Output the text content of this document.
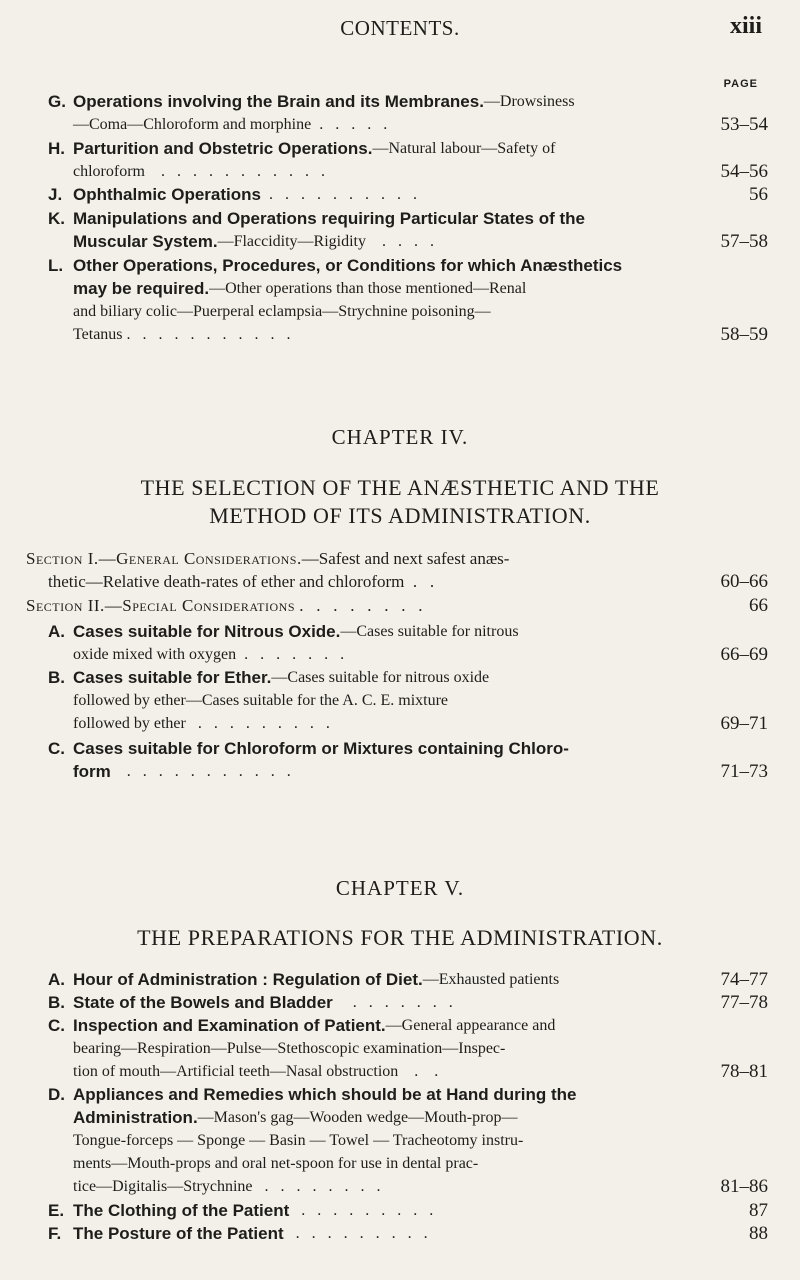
CONTENTS.	xiii
PAGE
G. Operations involving the Brain and its Membranes. —Drowsiness
—Coma—Chloroform and morphine .   .   .   .   .	53–54
H. Parturition and Obstetric Operations. —Natural labour—Safety of
chloroform .   .   .   .   .   .   .   .   .   .   .	54–56
J. Ophthalmic Operations .   .   .   .   .   .   .   .   .   .	56
K. Manipulations and Operations requiring Particular States of the
Muscular System. —Flaccidity—Rigidity .   .   .   .	57–58
L. Other Operations, Procedures, or Conditions for which Anæsthetics
may be required. —Other operations than those mentioned—Renal
and biliary colic—Puerperal eclampsia—Strychnine poisoning—
Tetanus .   .   .   .   .   .   .   .   .   .   .	58–59
CHAPTER IV.
THE SELECTION OF THE ANÆSTHETIC AND THE
METHOD OF ITS ADMINISTRATION.
Section I. —General Considerations. —Safest and next safest anæs-
thetic—Relative death-rates of ether and chloroform .   .	60–66
Section II. —Special Considerations .   .   .   .   .   .   .   .	66
A. Cases suitable for Nitrous Oxide. —Cases suitable for nitrous
oxide mixed with oxygen .   .   .   .   .   .   .	66–69
B. Cases suitable for Ether. —Cases suitable for nitrous oxide
followed by ether—Cases suitable for the A. C. E. mixture
followed by ether .   .   .   .   .   .   .   .   .	69–71
C. Cases suitable for Chloroform or Mixtures containing Chloro-
form .   .   .   .   .   .   .   .   .   .   .	71–73
CHAPTER V.
THE PREPARATIONS FOR THE ADMINISTRATION.
A. Hour of Administration : Regulation of Diet. —Exhausted patients	74–77
B. State of the Bowels and Bladder .   .   .   .   .   .   .	77–78
C. Inspection and Examination of Patient. —General appearance and
bearing—Respiration—Pulse—Stethoscopic examination—Inspec-
tion of mouth—Artificial teeth—Nasal obstruction .    .	78–81
D. Appliances and Remedies which should be at Hand during the
Administration. —Mason's gag—Wooden wedge—Mouth-prop—
Tongue-forceps — Sponge — Basin — Towel — Tracheotomy instru-
ments—Mouth-props and oral net-spoon for use in dental prac-
tice—Digitalis—Strychnine .   .   .   .   .   .   .   .	81–86
E. The Clothing of the Patient .   .   .   .   .   .   .   .   .	87
F. The Posture of the Patient .   .   .   .   .   .   .   .   .	88
